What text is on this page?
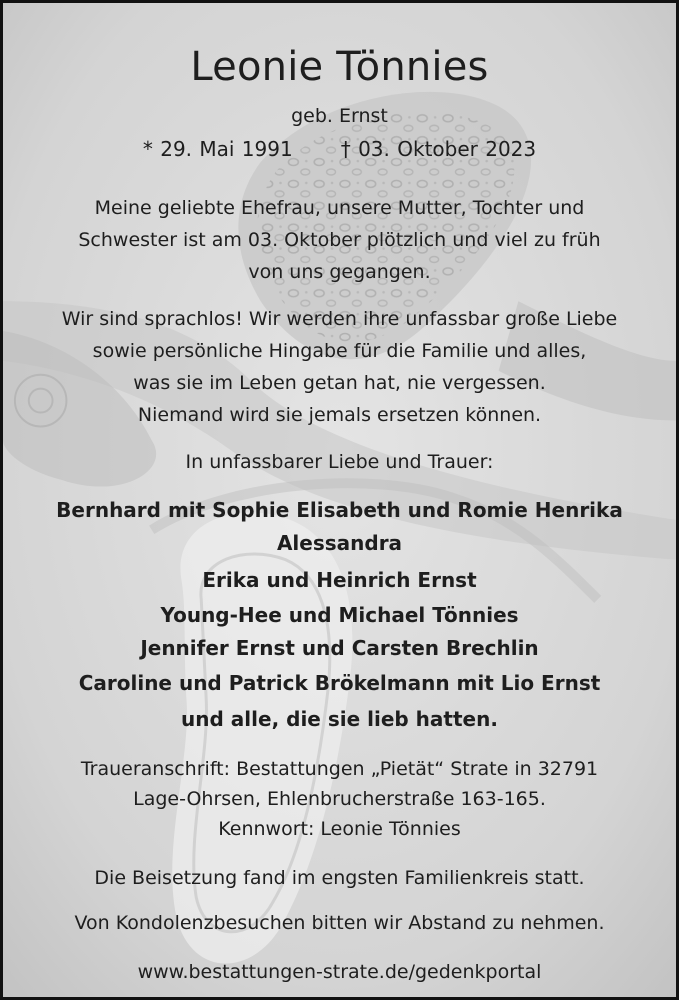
Leonie Tönnies
geb. Ernst
* 29. Mai 1991 † 03. Oktober 2023
Meine geliebte Ehefrau, unsere Mutter, Tochter und
Schwester ist am 03. Oktober plötzlich und viel zu früh
von uns gegangen.
Wir sind sprachlos! Wir werden ihre unfassbar große Liebe
sowie persönliche Hingabe für die Familie und alles,
was sie im Leben getan hat, nie vergessen.
Niemand wird sie jemals ersetzen können.
In unfassbarer Liebe und Trauer:
Bernhard mit Sophie Elisabeth und Romie Henrika
Alessandra
Erika und Heinrich Ernst
Young-Hee und Michael Tönnies
Jennifer Ernst und Carsten Brechlin
Caroline und Patrick Brökelmann mit Lio Ernst
und alle, die sie lieb hatten.
Traueranschrift: Bestattungen „Pietät“ Strate in 32791
Lage-Ohrsen, Ehlenbrucherstraße 163-165.
Kennwort: Leonie Tönnies
Die Beisetzung fand im engsten Familienkreis statt.
Von Kondolenzbesuchen bitten wir Abstand zu nehmen.
www.bestattungen-strate.de/gedenkportal
